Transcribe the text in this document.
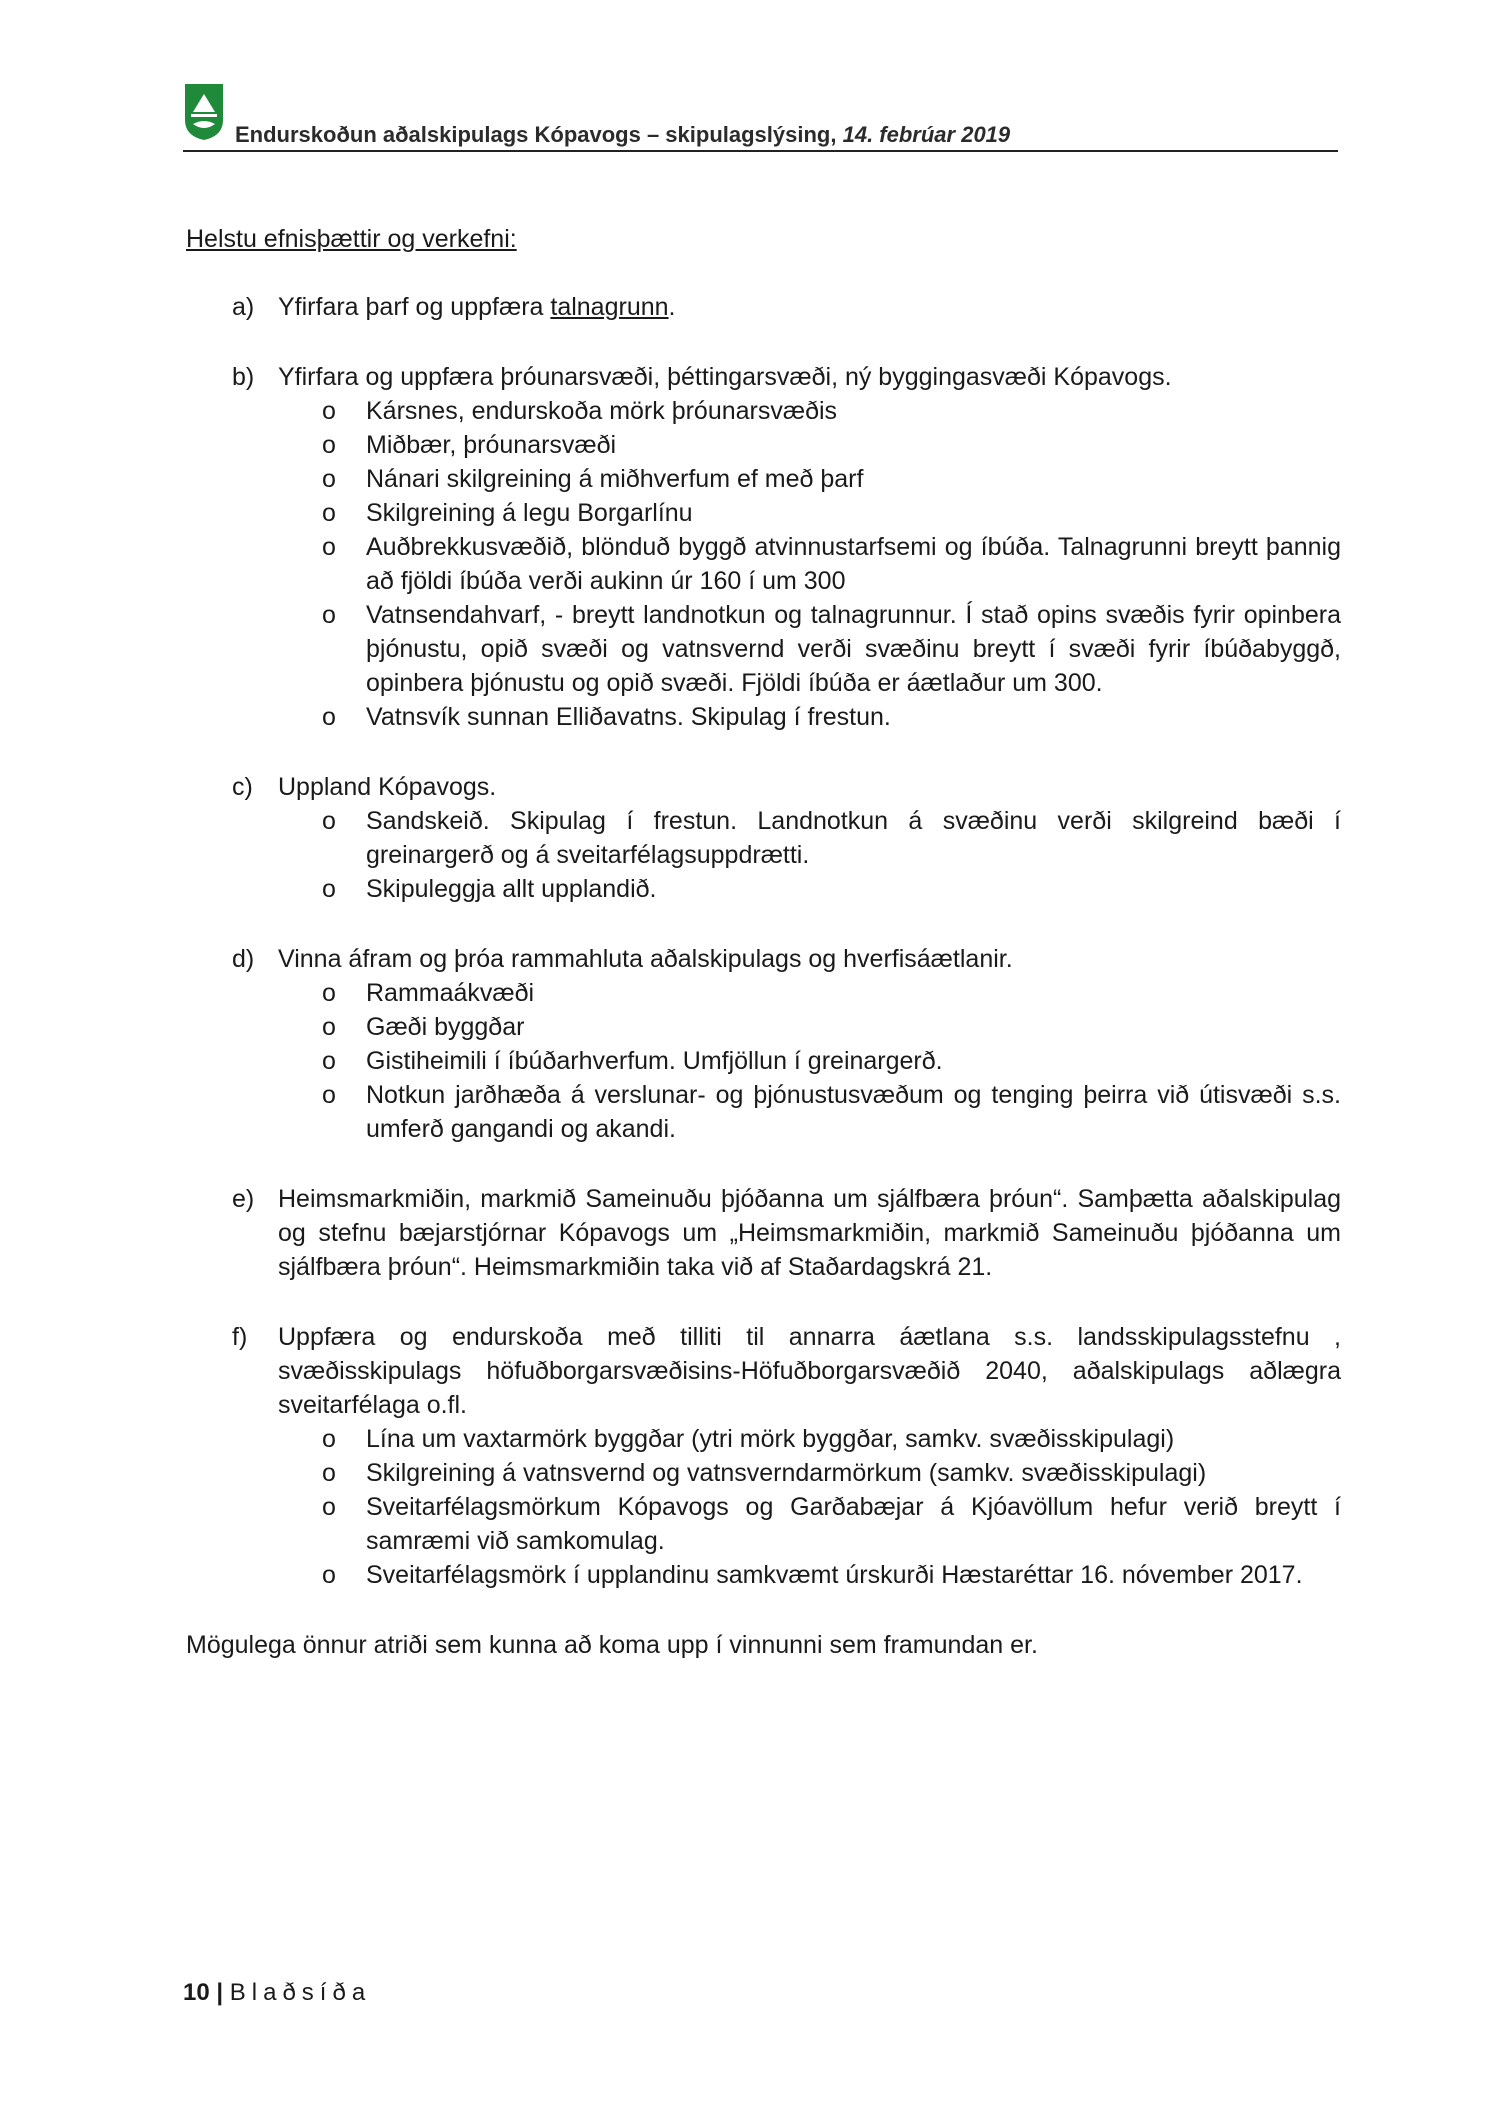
Endurskoðun aðalskipulags Kópavogs – skipulagslýsing, 14. febrúar 2019
Helstu efnisþættir og verkefni:
a) Yfirfara þarf og uppfæra talnagrunn.
b) Yfirfara og uppfæra þróunarsvæði, þéttingarsvæði, ný byggingasvæði Kópavogs.
o Kársnes, endurskoða mörk þróunarsvæðis
o Miðbær, þróunarsvæði
o Nánari skilgreining á miðhverfum ef með þarf
o Skilgreining á legu Borgarlínu
o Auðbrekkusvæðið, blönduð byggð atvinnustarfsemi og íbúða. Talnagrunni breytt þannig að fjöldi íbúða verði aukinn úr 160 í um 300
o Vatnsendahvarf, - breytt landnotkun og talnagrunnur. Í stað opins svæðis fyrir opinbera þjónustu, opið svæði og vatnsvernd verði svæðinu breytt í svæði fyrir íbúðabyggð, opinbera þjónustu og opið svæði. Fjöldi íbúða er áætlaður um 300.
o Vatnsvík sunnan Elliðavatns. Skipulag í frestun.
c) Uppland Kópavogs.
o Sandskeið. Skipulag í frestun. Landnotkun á svæðinu verði skilgreind bæði í greinargerð og á sveitarfélagsuppdrætti.
o Skipuleggja allt upplandið.
d) Vinna áfram og þróa rammahluta aðalskipulags og hverfisáætlanir.
o Rammaákvæði
o Gæði byggðar
o Gistiheimili í íbúðarhverfum. Umfjöllun í greinargerð.
o Notkun jarðhæða á verslunar- og þjónustusvæðum og tenging þeirra við útisvæði s.s. umferð gangandi og akandi.
e) Heimsmarkmiðin, markmið Sameinuðu þjóðanna um sjálfbæra þróun“. Samþætta aðalskipulag og stefnu bæjarstjórnar Kópavogs um „Heimsmarkmiðin, markmið Sameinuðu þjóðanna um sjálfbæra þróun“. Heimsmarkmiðin taka við af Staðardagskrá 21.
f) Uppfæra og endurskoða með tilliti til annarra áætlana s.s. landsskipulagsstefnu , svæðisskipulags höfuðborgarsvæðisins-Höfuðborgarsvæðið 2040, aðalskipulags aðlægra sveitarfélaga o.fl.
o Lína um vaxtarmörk byggðar (ytri mörk byggðar, samkv. svæðisskipulagi)
o Skilgreining á vatnsvernd og vatnsverndarmörkum (samkv. svæðisskipulagi)
o Sveitarfélagsmörkum Kópavogs og Garðabæjar á Kjóavöllum hefur verið breytt í samræmi við samkomulag.
o Sveitarfélagsmörk í upplandinu samkvæmt úrskurði Hæstaréttar 16. nóvember 2017.
Mögulega önnur atriði sem kunna að koma upp í vinnunni sem framundan er.
10 | Blaðsíða
